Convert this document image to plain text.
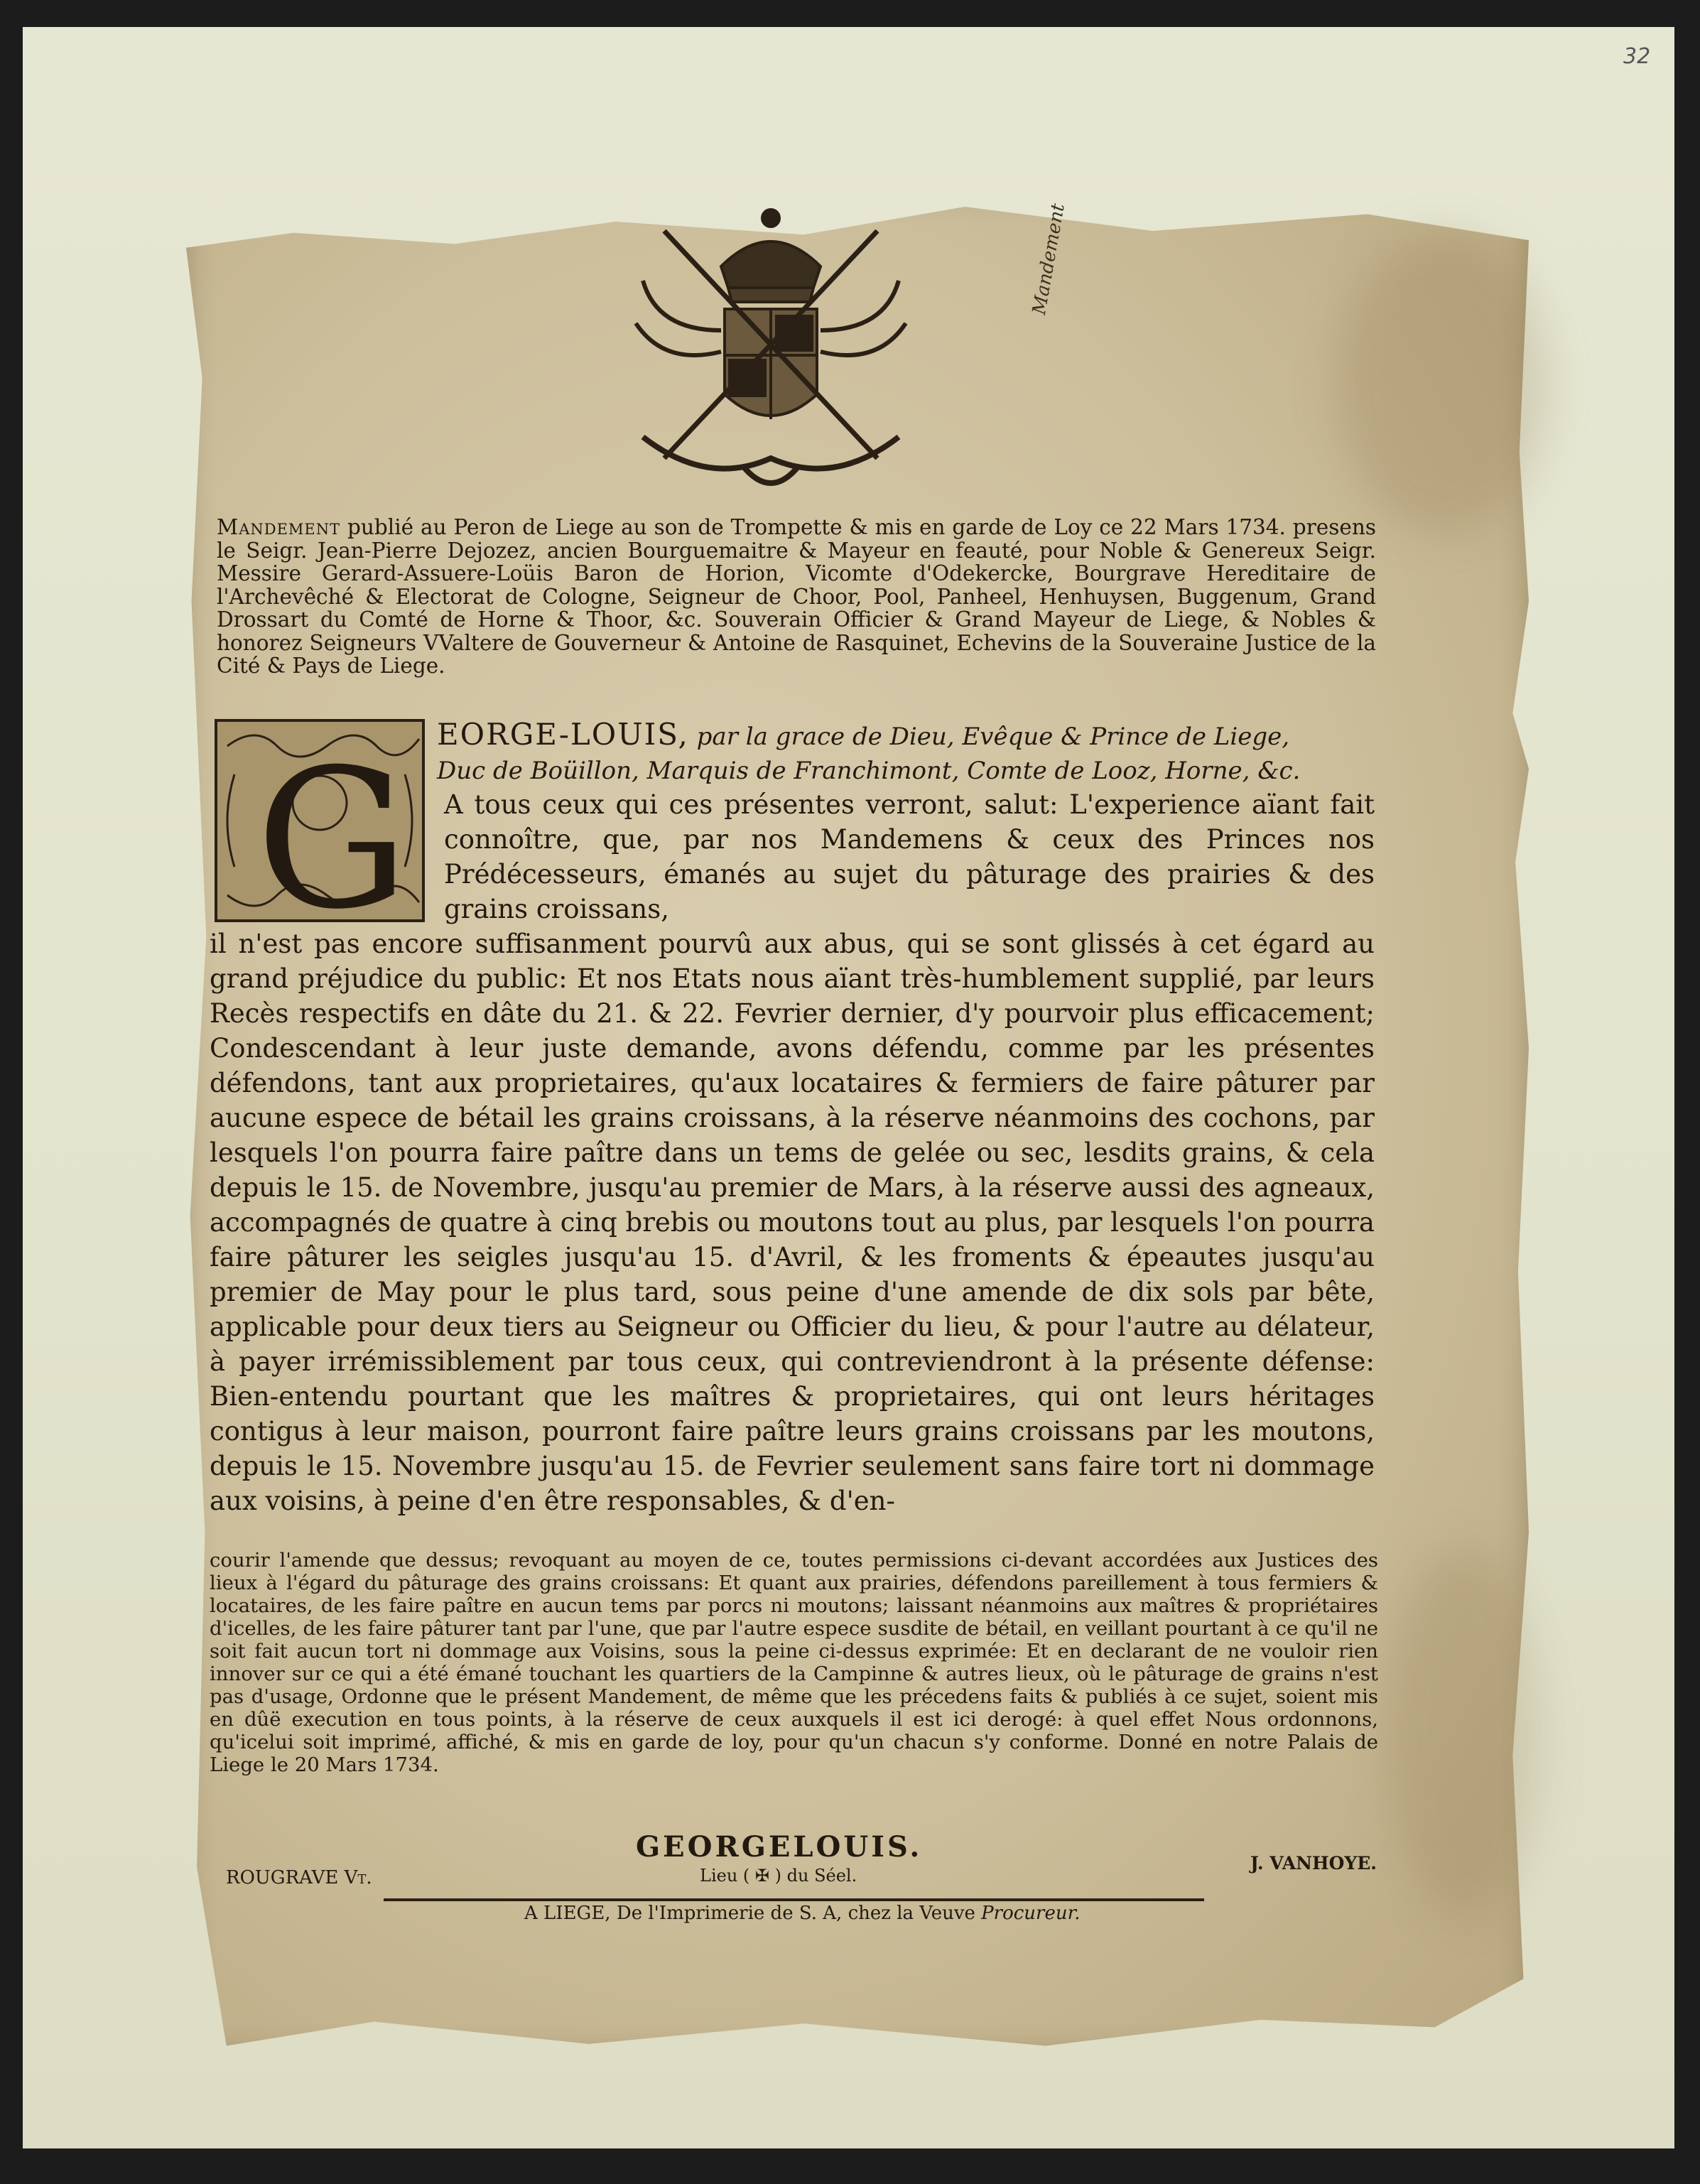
32
Mandement
Mandement publié au Peron de Liege au son de Trompette & mis en garde de Loy ce 22 Mars 1734. presens le Seigr. Jean-Pierre Dejozez, ancien Bourguemaitre & Mayeur en feauté, pour Noble & Genereux Seigr. Messire Gerard-Assuere-Loüis Baron de Horion, Vicomte d'Odekercke, Bourgrave Hereditaire de l'Archevêché & Electorat de Cologne, Seigneur de Choor, Pool, Panheel, Henhuysen, Buggenum, Grand Drossart du Comté de Horne & Thoor, &c. Souverain Officier & Grand Mayeur de Liege, & Nobles & honorez Seigneurs VValtere de Gouverneur & Antoine de Rasquinet, Echevins de la Souveraine Justice de la Cité & Pays de Liege.
G EORGE-LOUIS, par la grace de Dieu, Evêque & Prince de Liege,
Duc de Boüillon, Marquis de Franchimont, Comte de Looz, Horne, &c.
A tous ceux qui ces présentes verront, salut: L'experience aïant fait connoître, que, par nos Mandemens & ceux des Princes nos Prédécesseurs, émanés au sujet du pâturage des prairies & des grains croissans,
il n'est pas encore suffisanment pourvû aux abus, qui se sont glissés à cet égard au grand préjudice du public: Et nos Etats nous aïant très-humblement supplié, par leurs Recès respectifs en dâte du 21. & 22. Fevrier dernier, d'y pourvoir plus efficacement; Condescendant à leur juste demande, avons défendu, comme par les présentes défendons, tant aux proprietaires, qu'aux locataires & fermiers de faire pâturer par aucune espece de bétail les grains croissans, à la réserve néanmoins des cochons, par lesquels l'on pourra faire paître dans un tems de gelée ou sec, lesdits grains, & cela depuis le 15. de Novembre, jusqu'au premier de Mars, à la réserve aussi des agneaux, accompagnés de quatre à cinq brebis ou moutons tout au plus, par lesquels l'on pourra faire pâturer les seigles jusqu'au 15. d'Avril, & les froments & épeautes jusqu'au premier de May pour le plus tard, sous peine d'une amende de dix sols par bête, applicable pour deux tiers au Seigneur ou Officier du lieu, & pour l'autre au délateur, à payer irrémissiblement par tous ceux, qui contreviendront à la présente défense: Bien-entendu pourtant que les maîtres & proprietaires, qui ont leurs héritages contigus à leur maison, pourront faire paître leurs grains croissans par les moutons, depuis le 15. Novembre jusqu'au 15. de Fevrier seulement sans faire tort ni dommage aux voisins, à peine d'en être responsables, & d'en-
courir l'amende que dessus; revoquant au moyen de ce, toutes permissions ci-devant accordées aux Justices des lieux à l'égard du pâturage des grains croissans: Et quant aux prairies, défendons pareillement à tous fermiers & locataires, de les faire paître en aucun tems par porcs ni moutons; laissant néanmoins aux maîtres & propriétaires d'icelles, de les faire pâturer tant par l'une, que par l'autre espece susdite de bétail, en veillant pourtant à ce qu'il ne soit fait aucun tort ni dommage aux Voisins, sous la peine ci-dessus exprimée: Et en declarant de ne vouloir rien innover sur ce qui a été émané touchant les quartiers de la Campinne & autres lieux, où le pâturage de grains n'est pas d'usage, Ordonne que le présent Mandement, de même que les précedens faits & publiés à ce sujet, soient mis en dûë execution en tous points, à la réserve de ceux auxquels il est ici derogé: à quel effet Nous ordonnons, qu'icelui soit imprimé, affiché, & mis en garde de loy, pour qu'un chacun s'y conforme. Donné en notre Palais de Liege le 20 Mars 1734.
GEORGELOUIS.
Lieu ( ✠ ) du Séel.
ROUGRAVE Vt.
J. VANHOYE.
A LIEGE, De l'Imprimerie de S. A, chez la Veuve Procureur.
